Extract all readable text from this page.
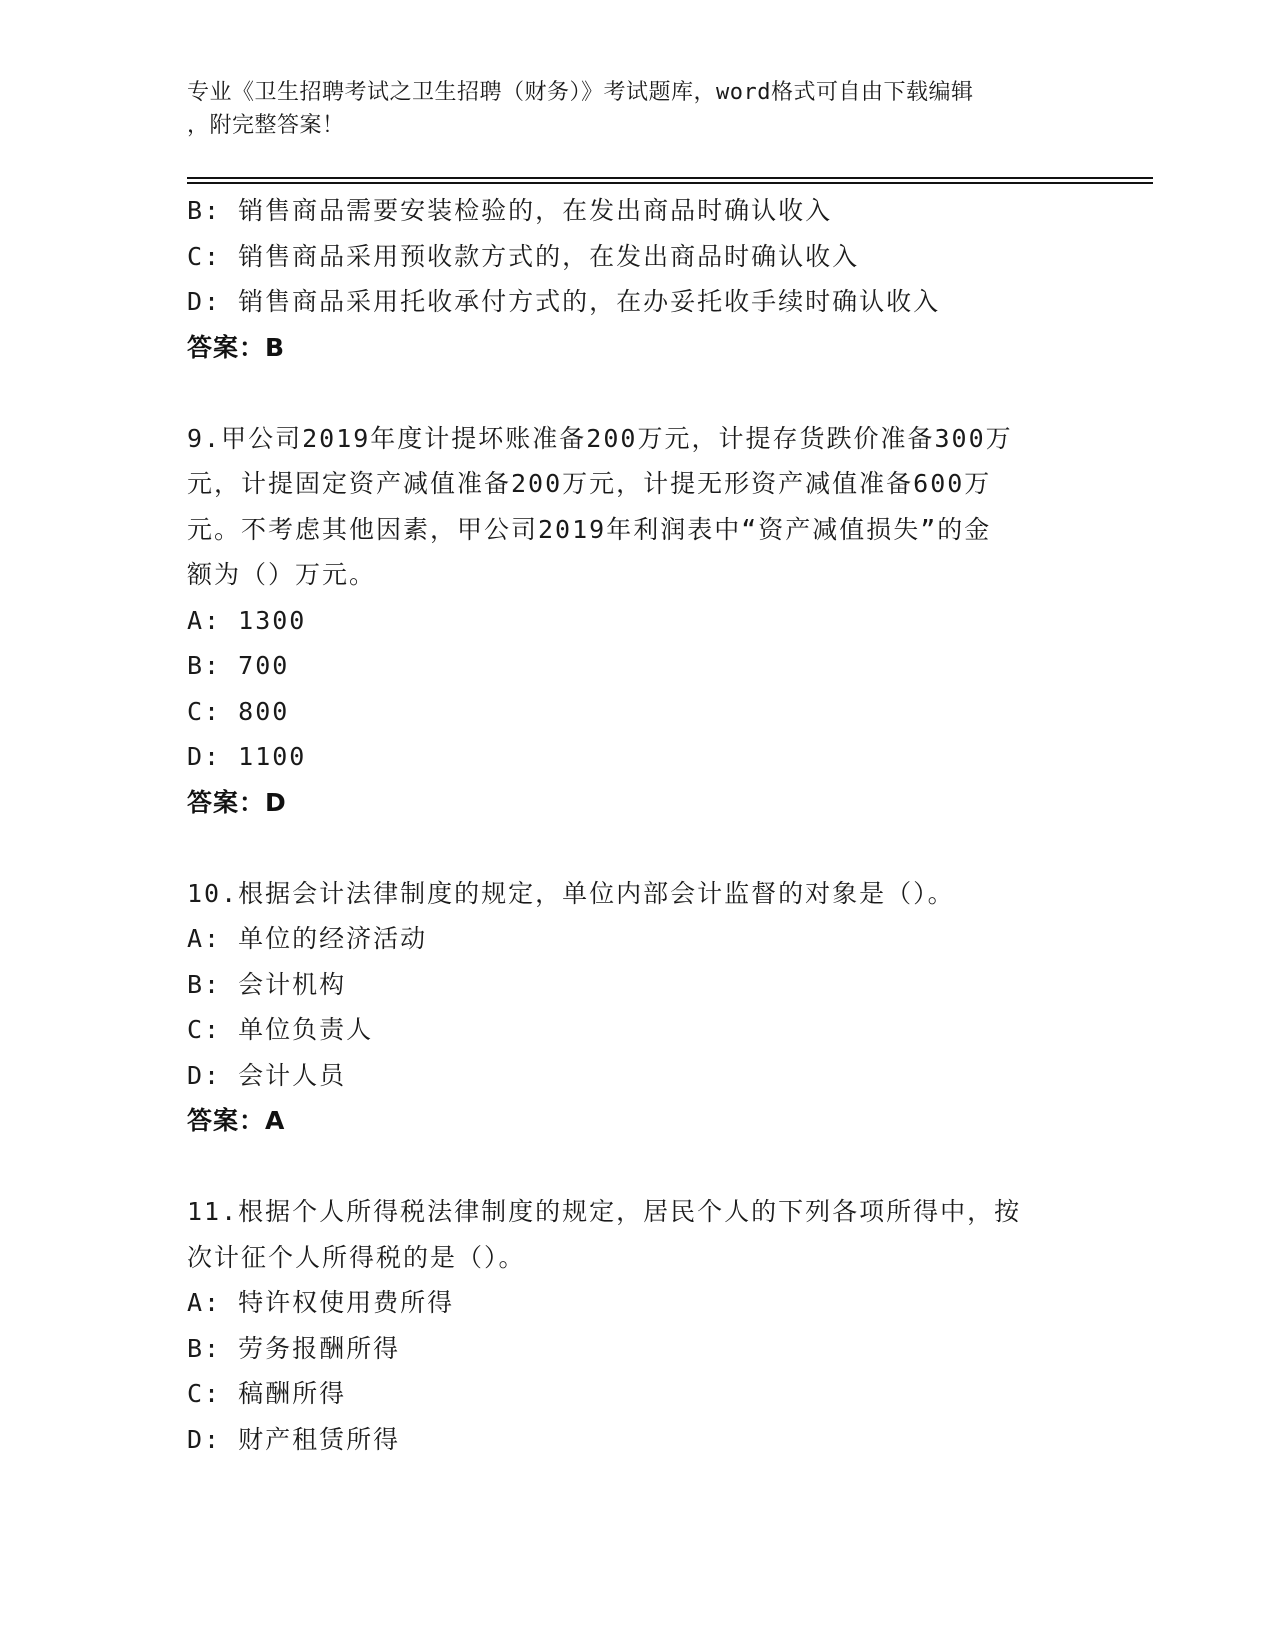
专业《卫生招聘考试之卫生招聘（财务）》考试题库，word格式可自由下载编辑
，附完整答案！
B: 销售商品需要安装检验的，在发出商品时确认收入
C: 销售商品采用预收款方式的，在发出商品时确认收入
D: 销售商品采用托收承付方式的，在办妥托收手续时确认收入
答案：B
9.甲公司2019年度计提坏账准备200万元，计提存货跌价准备300万
元，计提固定资产减值准备200万元，计提无形资产减值准备600万
元。不考虑其他因素，甲公司2019年利润表中“资产减值损失”的金
额为（）万元。
A: 1300
B: 700
C: 800
D: 1100
答案：D
10.根据会计法律制度的规定，单位内部会计监督的对象是（）。
A: 单位的经济活动
B: 会计机构
C: 单位负责人
D: 会计人员
答案：A
11.根据个人所得税法律制度的规定，居民个人的下列各项所得中，按
次计征个人所得税的是（）。
A: 特许权使用费所得
B: 劳务报酬所得
C: 稿酬所得
D: 财产租赁所得
